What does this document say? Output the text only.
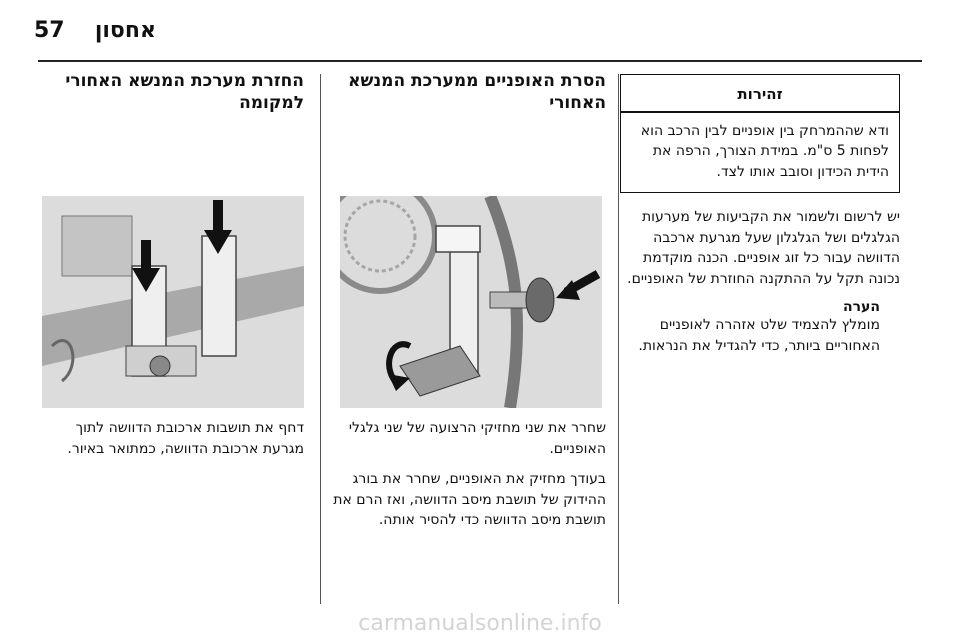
אחסון
57
זהירות
ודא שההמרחק בין אופניים לבין הרכב הוא לפחות 5 ס"מ. במידת הצורך, הרפה את הידית הכידון וסובב אותו לצד.

יש לרשום ולשמור את הקביעות של מערעות הגלגלים ושל הגלגלון שעל מגרעת ארכבה הדוושה עבור כל זוג אופניים. הכנה מוקדמת נכונה תקל על ההתקנה החוזרת של האופניים.

הערה
מומלץ להצמיד שלט אזהרה לאופניים האחוריים ביותר, כדי להגדיל את הנראות.
הסרת האופניים ממערכת המנשא האחורי

שחרר את שני מחזיקי הרצועה של שני גלגלי האופניים.

בעודך מחזיק את האופניים, שחרר את בורג ההידוק של תושבת מיסב הדוושה, ואז הרם את תושבת מיסב הדוושה כדי להסיר אותה.

החזרת מערכת המנשא האחורי למקומה

דחף את תושבות ארכובת הדוושה לתוך מגרעת ארכובת הדוושה, כמתואר באיור.

carmanualsonline.info
